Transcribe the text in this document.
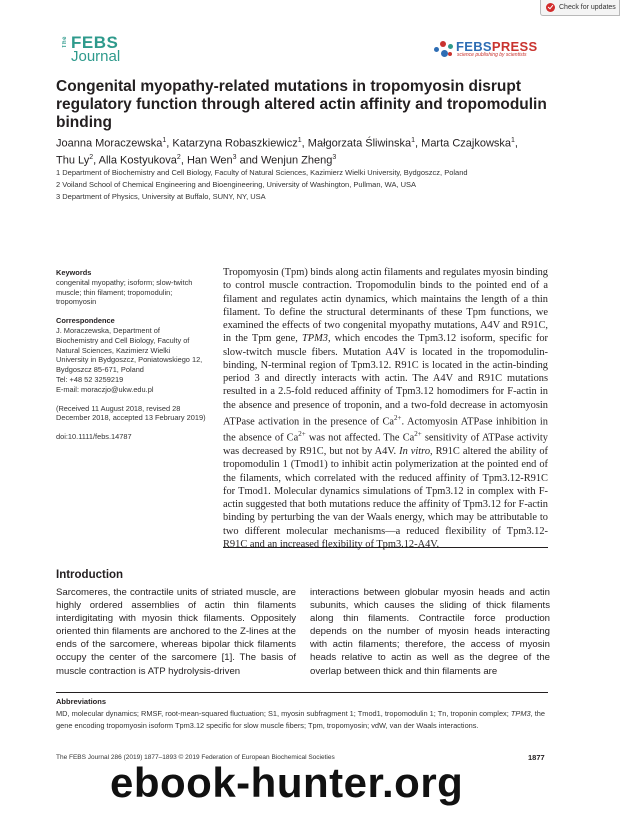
Check for updates
The FEBS
Journal
FEBSPRESS
science publishing by scientists
Congenital myopathy-related mutations in tropomyosin disrupt regulatory function through altered actin affinity and tropomodulin binding
Joanna Moraczewska$^1$, Katarzyna Robaszkiewicz$^1$, Małgorzata Śliwinska$^1$, Marta Czajkowska$^1$,
Thu Ly$^2$, Alla Kostyukova$^2$, Han Wen$^3$ and Wenjun Zheng$^3$
1 Department of Biochemistry and Cell Biology, Faculty of Natural Sciences, Kazimierz Wielki University, Bydgoszcz, Poland
2 Voiland School of Chemical Engineering and Bioengineering, University of Washington, Pullman, WA, USA
3 Department of Physics, University at Buffalo, SUNY, NY, USA

Keywords
congenital myopathy; isoform; slow-twitch muscle; thin filament; tropomodulin; tropomyosin

Correspondence
J. Moraczewska, Department of
Biochemistry and Cell Biology, Faculty of
Natural Sciences, Kazimierz Wielki
University in Bydgoszcz, Poniatowskiego 12,
Bydgoszcz 85-671, Poland
Tel: +48 52 3259219
E-mail: moraczjo@ukw.edu.pl

(Received 11 August 2018, revised 28 December 2018, accepted 13 February 2019)

doi:10.1111/febs.14787

Tropomyosin (Tpm) binds along actin filaments and regulates myosin binding to control muscle contraction. Tropomodulin binds to the pointed end of a filament and regulates actin dynamics, which maintains the length of a thin filament. To define the structural determinants of these Tpm functions, we examined the effects of two congenital myopathy mutations, A4V and R91C, in the Tpm gene, TPM3, which encodes the Tpm3.12 isoform, specific for slow-twitch muscle fibers. Mutation A4V is located in the tropomodulin-binding, N-terminal region of Tpm3.12. R91C is located in the actin-binding period 3 and directly interacts with actin. The A4V and R91C mutations resulted in a 2.5-fold reduced affinity of Tpm3.12 homodimers for F-actin in the absence and presence of troponin, and a two-fold decrease in actomyosin ATPase activation in the presence of $Ca^{2+}$. Actomyosin ATPase inhibition in the absence of $Ca^{2+}$ was not affected. The $Ca^{2+}$ sensitivity of ATPase activity was decreased by R91C, but not by A4V. In vitro, R91C altered the ability of tropomodulin 1 (Tmod1) to inhibit actin polymerization at the pointed end of the filaments, which correlated with the reduced affinity of Tpm3.12-R91C for Tmod1. Molecular dynamics simulations of Tpm3.12 in complex with F-actin suggested that both mutations reduce the affinity of Tpm3.12 for F-actin binding by perturbing the van der Waals energy, which may be attributable to two different molecular mechanisms—a reduced flexibility of Tpm3.12-R91C and an increased flexibility of Tpm3.12-A4V.
Introduction
Sarcomeres, the contractile units of striated muscle, are highly ordered assemblies of actin thin filaments interdigitating with myosin thick filaments. Oppositely oriented thin filaments are anchored to the Z-lines at the ends of the sarcomere, whereas bipolar thick filaments occupy the center of the sarcomere [1]. The basis of muscle contraction is ATP hydrolysis-driven
interactions between globular myosin heads and actin subunits, which causes the sliding of thick filaments along thin filaments. Contractile force production depends on the number of myosin heads interacting with actin filaments; therefore, the access of myosin heads relative to actin as well as the degree of the overlap between thick and thin filaments are
Abbreviations
MD, molecular dynamics; RMSF, root-mean-squared fluctuation; S1, myosin subfragment 1; Tmod1, tropomodulin 1; Tn, troponin complex; TPM3, the gene encoding tropomyosin isoform Tpm3.12 specific for slow muscle fibers; Tpm, tropomyosin; vdW, van der Waals interactions.
The FEBS Journal 286 (2019) 1877–1893 © 2019 Federation of European Biochemical Societies	1877
ebook-hunter.org
